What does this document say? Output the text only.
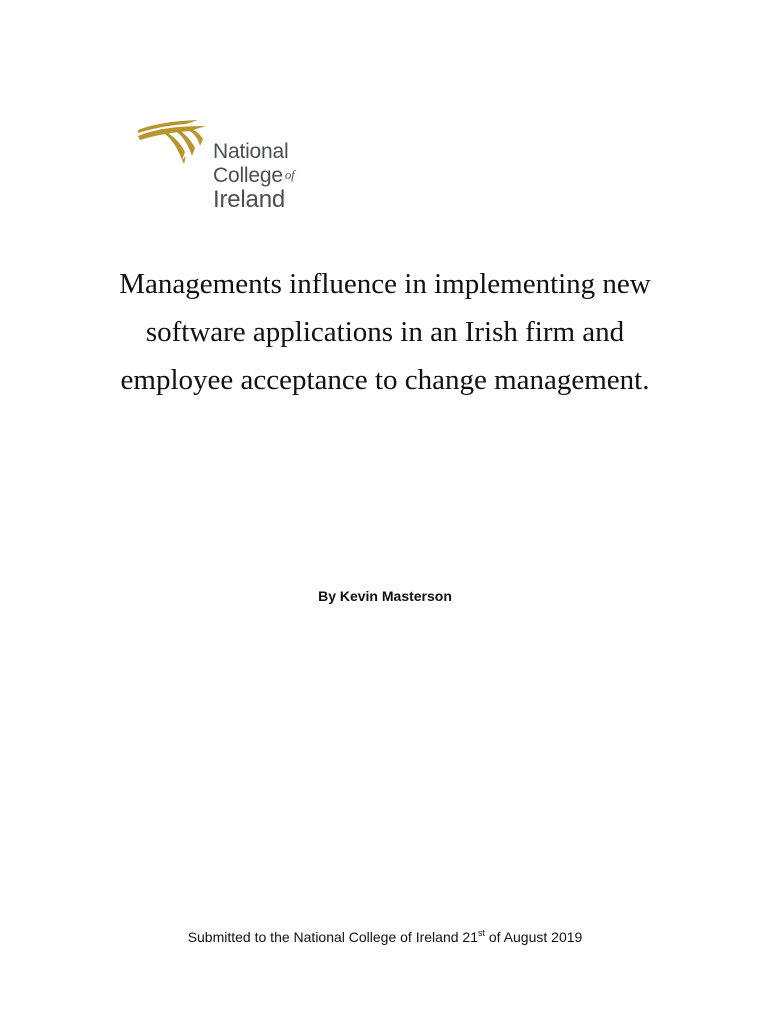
National
College of
Ireland
Managements influence in implementing new
software applications in an Irish firm and
employee acceptance to change management.
By Kevin Masterson
Submitted to the National College of Ireland 21st of August 2019
